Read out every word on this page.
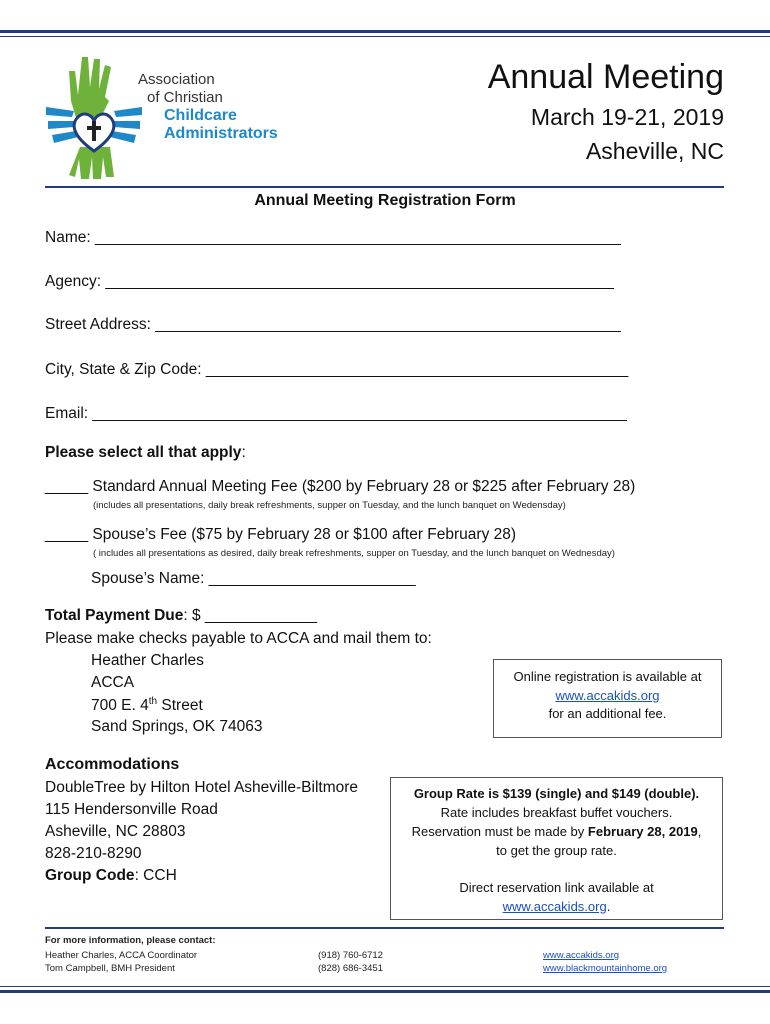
Association
of Christian
Childcare
Administrators
Annual Meeting
March 19-21, 2019
Asheville, NC
Annual Meeting Registration Form
Name: _____________________________________________________________
Agency: ___________________________________________________________
Street Address: ______________________________________________________
City, State & Zip Code: _________________________________________________
Email: ______________________________________________________________
Please select all that apply:
_____ Standard Annual Meeting Fee ($200 by February 28 or $225 after February 28)
(includes all presentations, daily break refreshments, supper on Tuesday, and the lunch banquet on Wedensday)
_____ Spouse’s Fee ($75 by February 28 or $100 after February 28)
( includes all presentations as desired, daily break refreshments, supper on Tuesday, and the lunch banquet on Wednesday)
Spouse’s Name: ________________________
Total Payment Due: $ _____________
Please make checks payable to ACCA and mail them to:
Heather Charles
ACCA
700 E. 4th Street
Sand Springs, OK 74063
Online registration is available at
www.accakids.org
for an additional fee.
Accommodations
DoubleTree by Hilton Hotel Asheville-Biltmore
115 Hendersonville Road
Asheville, NC 28803
828-210-8290
Group Code: CCH
Group Rate is $139 (single) and $149 (double).
Rate includes breakfast buffet vouchers.
Reservation must be made by February 28, 2019,
to get the group rate.
Direct reservation link available at
www.accakids.org.
For more information, please contact:
Heather Charles, ACCA Coordinator	(918) 760-6712	www.accakids.org
Tom Campbell, BMH President	(828) 686-3451	www.blackmountainhome.org
